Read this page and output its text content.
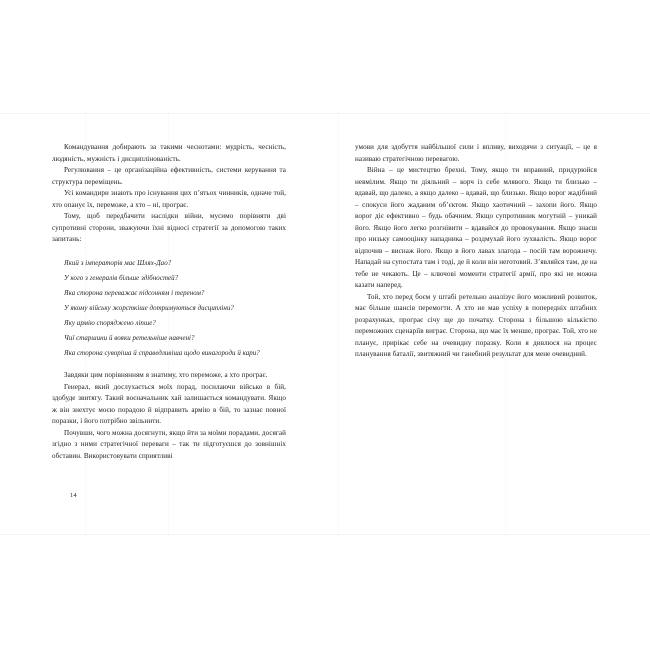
Командування добирають за такими чеснотами: мудрість, чесність, людяність, мужність і дисциплінованість.

Регулювання – це організаційна ефективність, системи керування та структура переміщень.

Усі командири знають про існування цих п’ятьох чинників, одначе той, хто опанує їх, переможе, а хто – ні, програє.

Тому, щоб передбачити наслідки війни, мусимо порівняти дві супротивні сторони, зважуючи їхні відносі стратегії за допомогою таких запитань:

Який з імператорів має Шлях-Дао?

У кого з генералів більше здібностей?

Яка сторона переважає підсонням і тереном?

У якому війську жорсткіше дотримуються дисципліни?

Яку армію споряджено ліпше?

Чиї старшини й вояки ретельніше навчені?

Яка сторона суворіша й справедливіша щодо винагороди й кари?

Завдяки цим порівнянням я знатиму, хто переможе, а хто програє.

Генерал, який дослухається моїх порад, посилаючи військо в бій, здобуде звитягу. Такий воєначальник хай залишається командувати. Якщо ж він знехтує моєю порадою й відправить армію в бій, то зазнає повної поразки, і його потрібно звільнити.

Почувши, чого можна досягнути, якщо йти за моїми порадами, досягай згідно з ними стратегічної переваги – так ти підготуєшся до зовнішніх обставин. Використовувати сприятливі

14

умови для здобуття найбільшої сили і впливу, виходячи з ситуації, – це я називаю стратегічною перевагою.

Війна – це мистецтво брехні. Тому, якщо ти вправний, придурюйся невмілим. Якщо ти діяльний – корч із себе млявого. Якщо ти близько – вдавай, що далеко, а якщо далеко – вдавай, що близько. Якщо ворог жадібний – спокуси його жаданим об’єктом. Якщо хаотичний – захопи його. Якщо ворог діє ефективно – будь обачним. Якщо супротивник могутній – уникай його. Якщо його легко розгнівити – вдавайся до провокування. Якщо знаєш про низьку самооцінку нападника – роздмухай його зухвалість. Якщо ворог відпочив – виснаж його. Якщо в його лавах злагода – посій там ворожнечу. Нападай на супостата там і тоді, де й коли він неготовий. З’являйся там, де на тебе не чекають. Це – ключові моменти стратегії армії, про які не можна казати наперед.

Той, хто перед боєм у штабі ретельно аналізує його можливий розвиток, має більше шансів перемогти. А хто не мав успіху в попередніх штабних розрахунках, програє січу ще до початку. Сторона з більшою кількістю переможних сценаріїв виграє. Сторона, що має їх менше, програє. Той, хто не планує, прирікає себе на очевидну поразку. Коли я дивлюся на процес планування баталії, звитяжний чи ганебний результат для мене очевидний.
